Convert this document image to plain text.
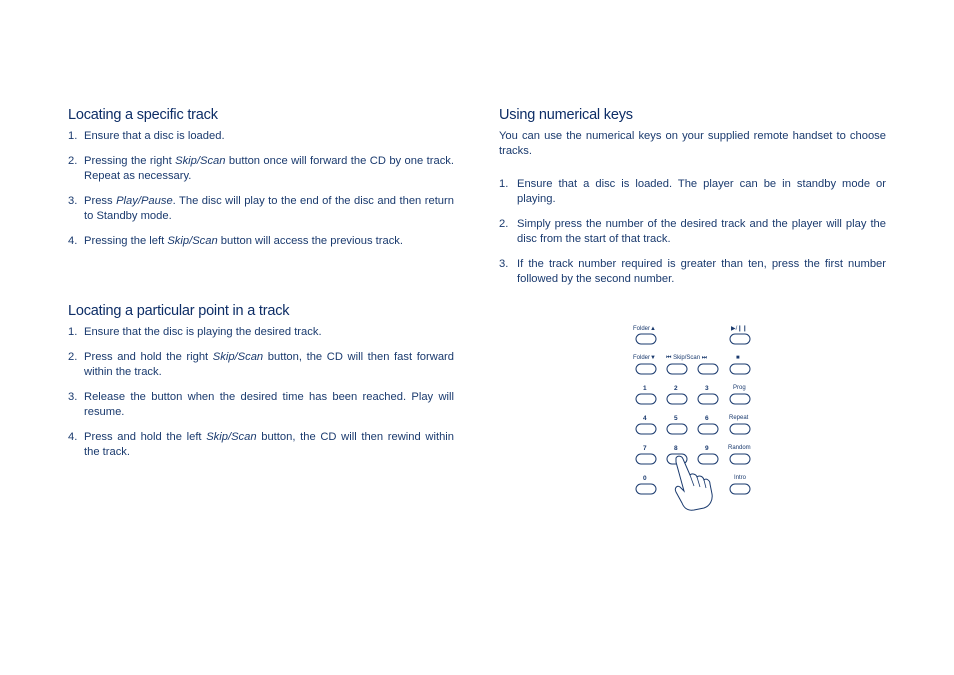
Locating a specific track
1. Ensure that a disc is loaded.
2. Pressing the right Skip/Scan button once will forward the CD by one track. Repeat as necessary.
3. Press Play/Pause. The disc will play to the end of the disc and then return to Standby mode.
4. Pressing the left Skip/Scan button will access the previous track.
Locating a particular point in a track
1. Ensure that the disc is playing the desired track.
2. Press and hold the right Skip/Scan button, the CD will then fast forward within the track.
3. Release the button when the desired time has been reached. Play will resume.
4. Press and hold the left Skip/Scan button, the CD will then rewind within the track.
Using numerical keys

You can use the numerical keys on your supplied remote handset to choose tracks.

1. Ensure that a disc is loaded. The player can be in standby mode or playing.
2. Simply press the number of the desired track and the player will play the disc from the start of that track.
3. If the track number required is greater than ten, press the first number followed by the second number.
Folder▲	▶/❙❙
Folder▼ ⏮ Skip/Scan ⏭	■
1	2	3	Prog
4	5	6	Repeat
7	8	9	Random
0	Intro
